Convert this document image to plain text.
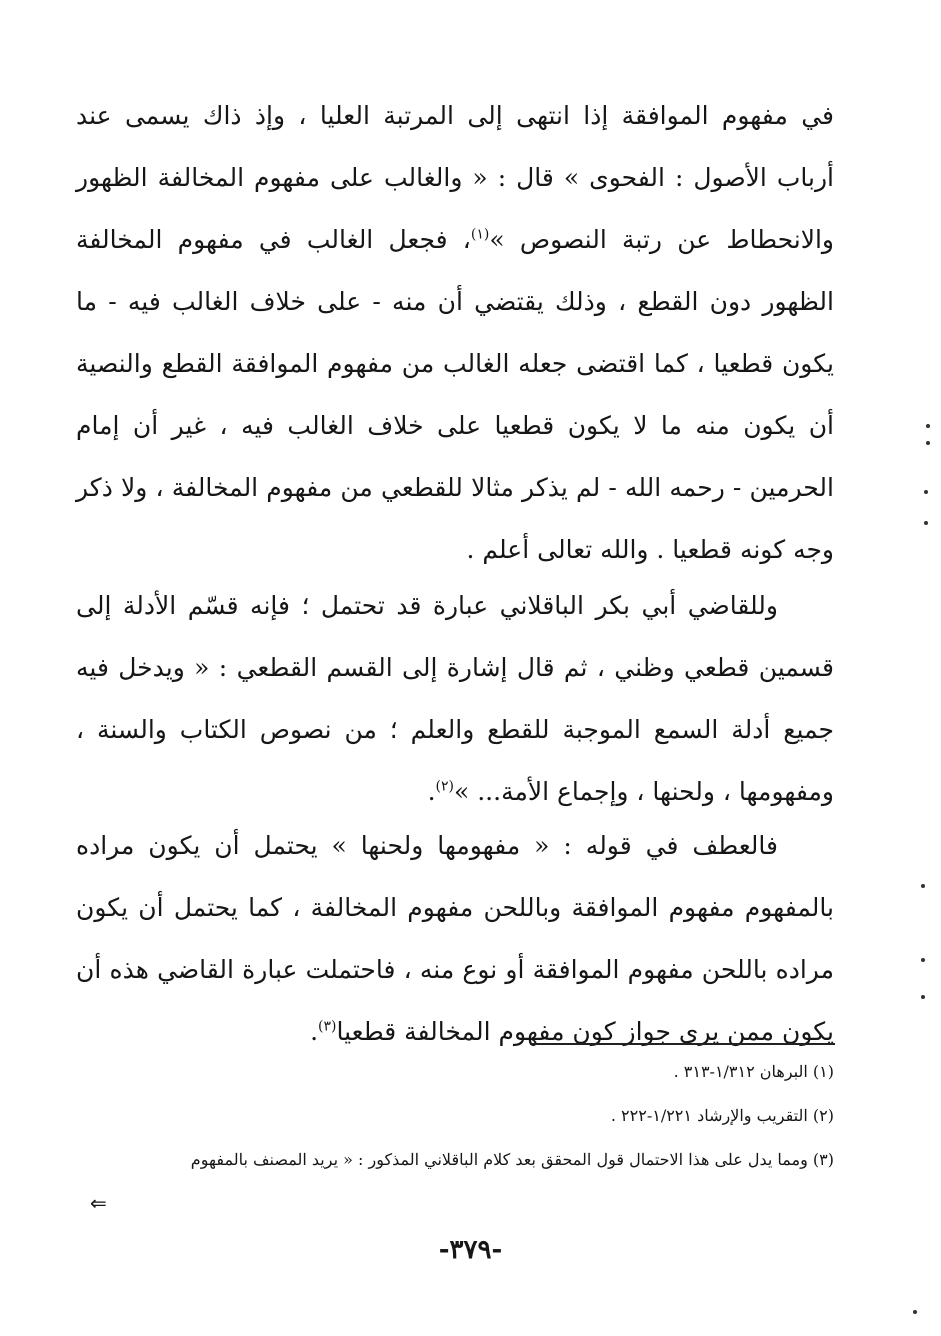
في مفهوم الموافقة إذا انتهى إلى المرتبة العليا ، وإذ ذاك يسمى عند أرباب الأصول : الفحوى » قال : « والغالب على مفهوم المخالفة الظهور والانحطاط عن رتبة النصوص »$^{(١)}$، فجعل الغالب في مفهوم المخالفة الظهور دون القطع ، وذلك يقتضي أن منه - على خلاف الغالب فيه - ما يكون قطعيا ، كما اقتضى جعله الغالب من مفهوم الموافقة القطع والنصية أن يكون منه ما لا يكون قطعيا على خلاف الغالب فيه ، غير أن إمام الحرمين - رحمه الله - لم يذكر مثالا للقطعي من مفهوم المخالفة ، ولا ذكر وجه كونه قطعيا . والله تعالى أعلم .

وللقاضي أبي بكر الباقلاني عبارة قد تحتمل ؛ فإنه قسّم الأدلة إلى قسمين قطعي وظني ، ثم قال إشارة إلى القسم القطعي : « ويدخل فيه جميع أدلة السمع الموجبة للقطع والعلم ؛ من نصوص الكتاب والسنة ، ومفهومها ، ولحنها ، وإجماع الأمة... »$^{(٢)}$.

فالعطف في قوله : « مفهومها ولحنها » يحتمل أن يكون مراده بالمفهوم مفهوم الموافقة وباللحن مفهوم المخالفة ، كما يحتمل أن يكون مراده باللحن مفهوم الموافقة أو نوع منه ، فاحتملت عبارة القاضي هذه أن يكون ممن يرى جواز كون مفهوم المخالفة قطعيا$^{(٣)}$.

(١) البرهان ١/٣١٢-٣١٣ .

(٢) التقريب والإرشاد ١/٢٢١-٢٢٢ .

(٣) ومما يدل على هذا الاحتمال قول المحقق بعد كلام الباقلاني المذكور : « يريد المصنف بالمفهوم

⇐
-٣٧٩-
